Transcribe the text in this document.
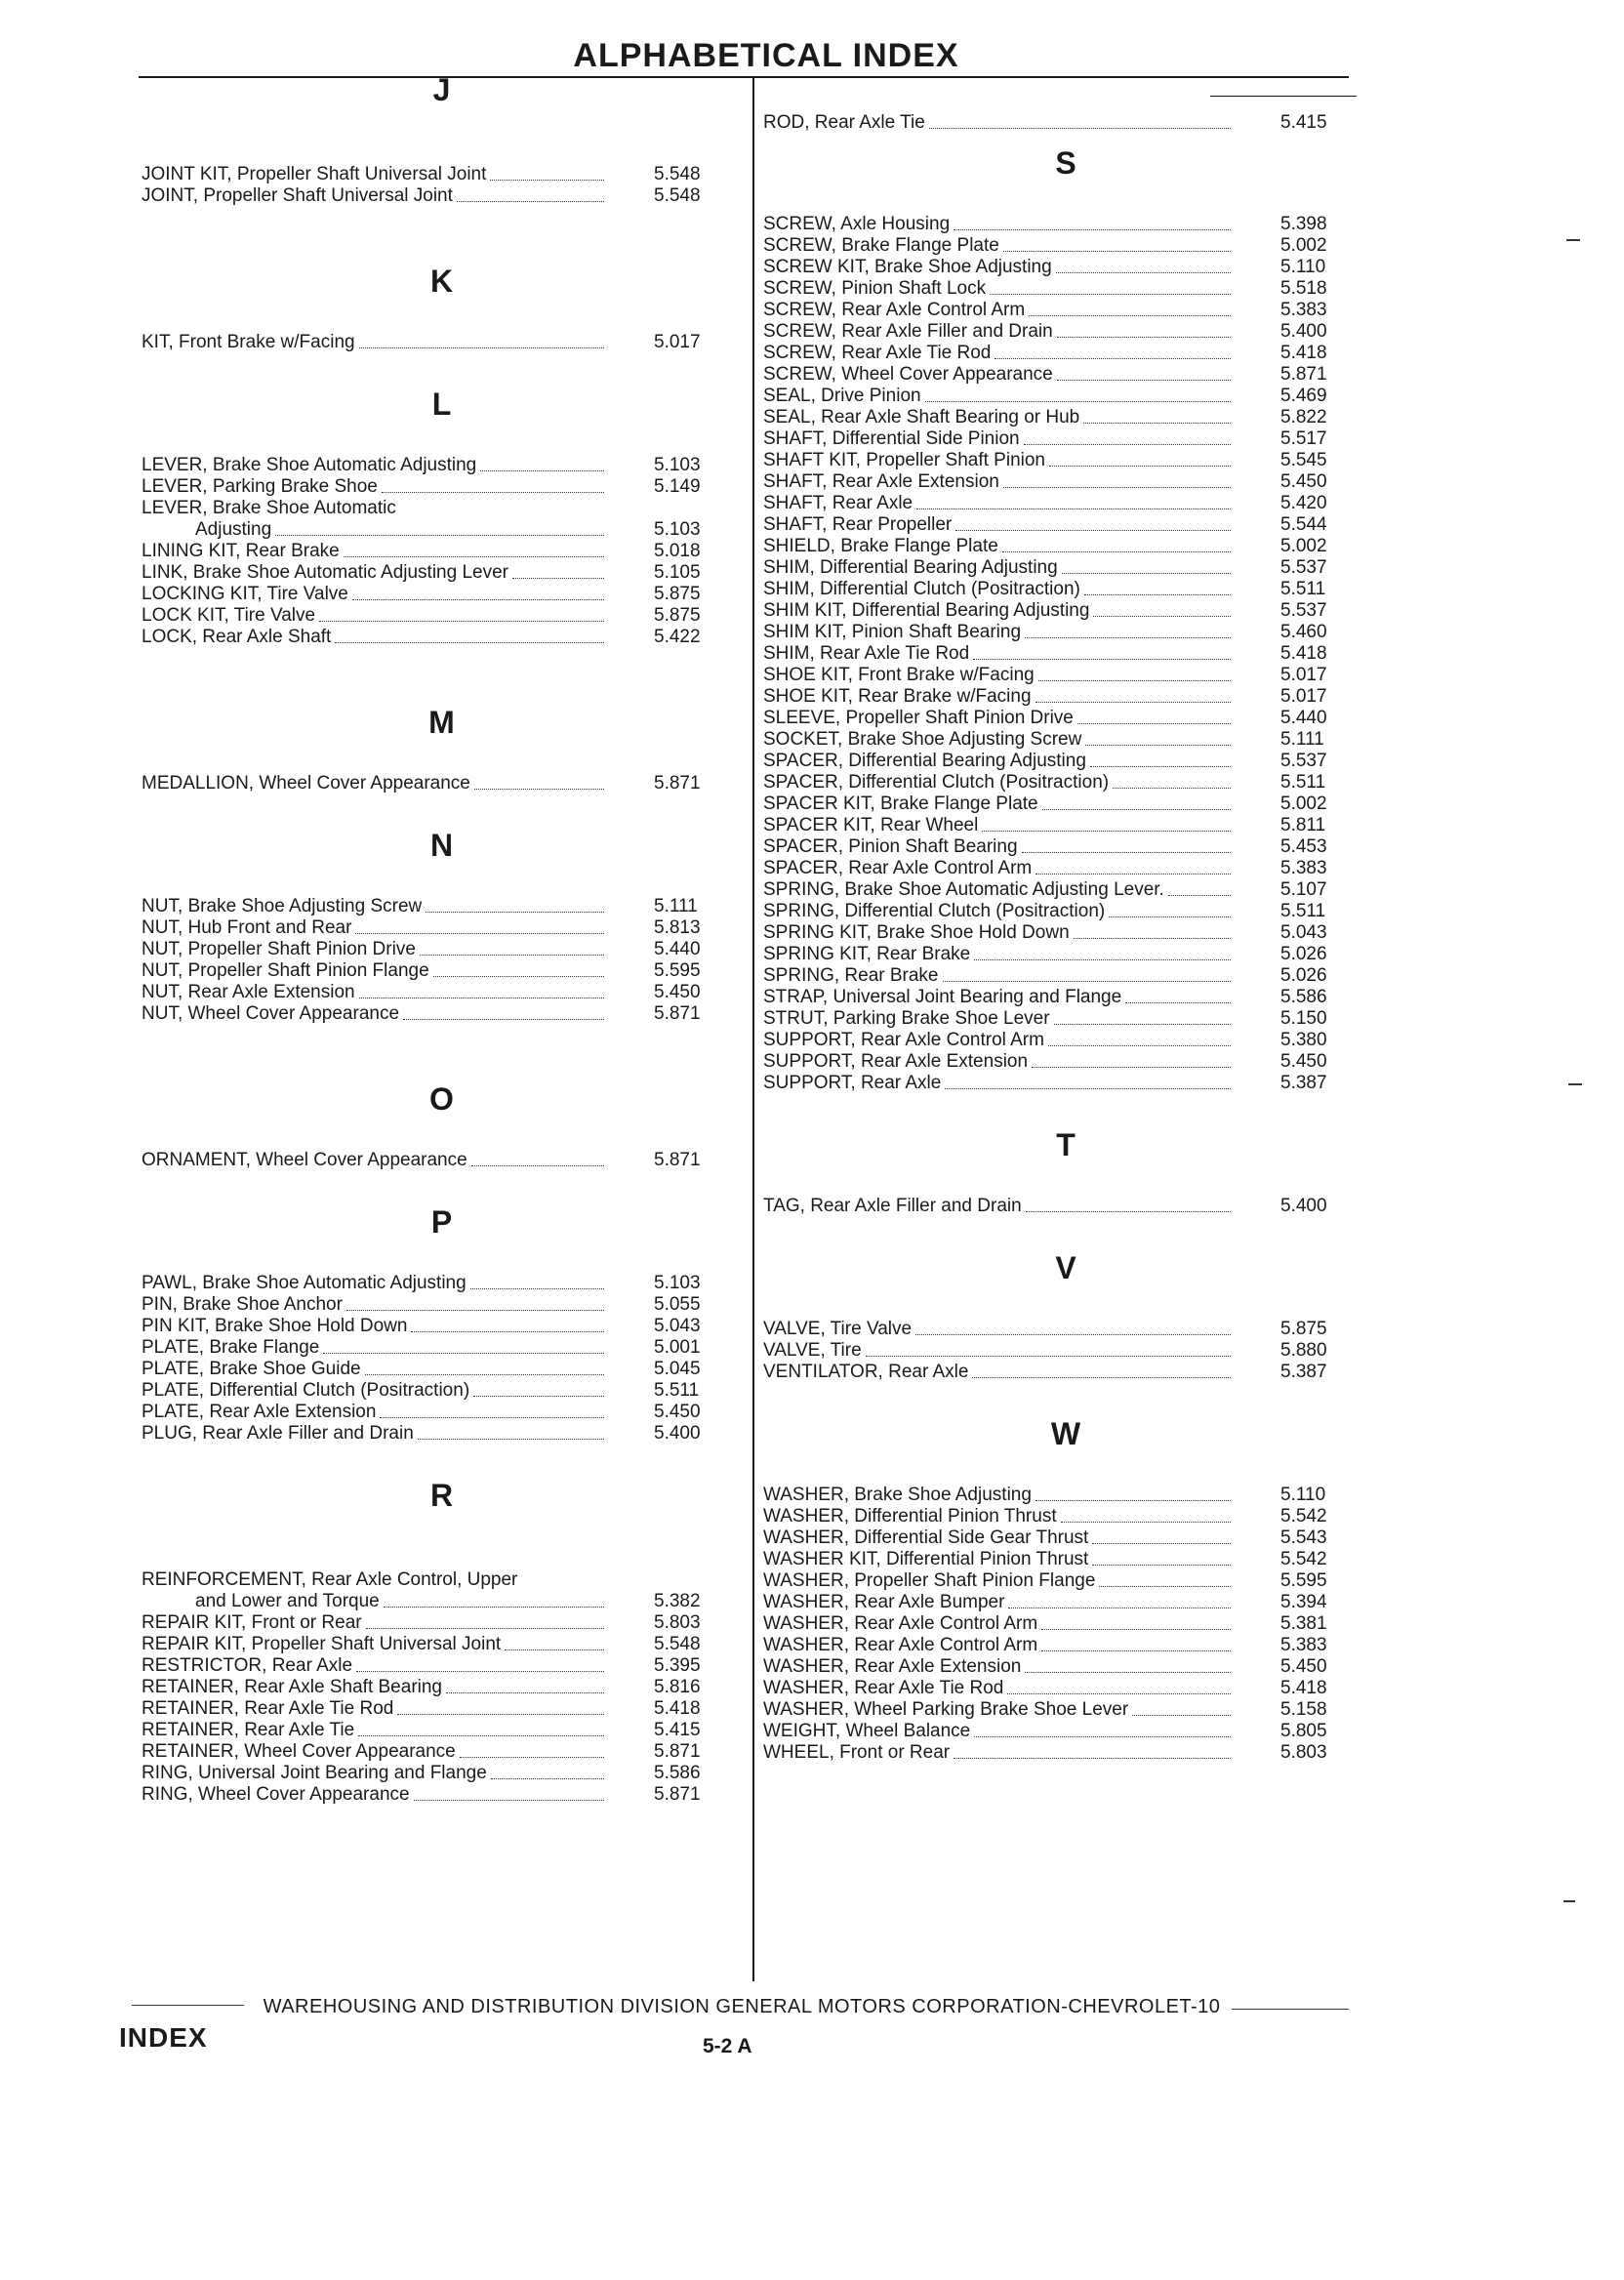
ALPHABETICAL INDEX
J
JOINT KIT, Propeller Shaft Universal Joint	5.548
JOINT, Propeller Shaft Universal Joint	5.548
K
KIT, Front Brake w/Facing	5.017
L
LEVER, Brake Shoe Automatic Adjusting	5.103
LEVER, Parking Brake Shoe	5.149
LEVER, Brake Shoe Automatic
Adjusting	5.103
LINING KIT, Rear Brake	5.018
LINK, Brake Shoe Automatic Adjusting Lever	5.105
LOCKING KIT, Tire Valve	5.875
LOCK KIT, Tire Valve	5.875
LOCK, Rear Axle Shaft	5.422
M
MEDALLION, Wheel Cover Appearance	5.871
N
NUT, Brake Shoe Adjusting Screw	5.111
NUT, Hub Front and Rear	5.813
NUT, Propeller Shaft Pinion Drive	5.440
NUT, Propeller Shaft Pinion Flange	5.595
NUT, Rear Axle Extension	5.450
NUT, Wheel Cover Appearance	5.871
O
ORNAMENT, Wheel Cover Appearance	5.871
P
PAWL, Brake Shoe Automatic Adjusting	5.103
PIN, Brake Shoe Anchor	5.055
PIN KIT, Brake Shoe Hold Down	5.043
PLATE, Brake Flange	5.001
PLATE, Brake Shoe Guide	5.045
PLATE, Differential Clutch (Positraction)	5.511
PLATE, Rear Axle Extension	5.450
PLUG, Rear Axle Filler and Drain	5.400
R
REINFORCEMENT, Rear Axle Control, Upper
and Lower and Torque	5.382
REPAIR KIT, Front or Rear	5.803
REPAIR KIT, Propeller Shaft Universal Joint	5.548
RESTRICTOR, Rear Axle	5.395
RETAINER, Rear Axle Shaft Bearing	5.816
RETAINER, Rear Axle Tie Rod	5.418
RETAINER, Rear Axle Tie	5.415
RETAINER, Wheel Cover Appearance	5.871
RING, Universal Joint Bearing and Flange	5.586
RING, Wheel Cover Appearance	5.871
ROD, Rear Axle Tie	5.415
S
SCREW, Axle Housing	5.398
SCREW, Brake Flange Plate	5.002
SCREW KIT, Brake Shoe Adjusting	5.110
SCREW, Pinion Shaft Lock	5.518
SCREW, Rear Axle Control Arm	5.383
SCREW, Rear Axle Filler and Drain	5.400
SCREW, Rear Axle Tie Rod	5.418
SCREW, Wheel Cover Appearance	5.871
SEAL, Drive Pinion	5.469
SEAL, Rear Axle Shaft Bearing or Hub	5.822
SHAFT, Differential Side Pinion	5.517
SHAFT KIT, Propeller Shaft Pinion	5.545
SHAFT, Rear Axle Extension	5.450
SHAFT, Rear Axle	5.420
SHAFT, Rear Propeller	5.544
SHIELD, Brake Flange Plate	5.002
SHIM, Differential Bearing Adjusting	5.537
SHIM, Differential Clutch (Positraction)	5.511
SHIM KIT, Differential Bearing Adjusting	5.537
SHIM KIT, Pinion Shaft Bearing	5.460
SHIM, Rear Axle Tie Rod	5.418
SHOE KIT, Front Brake w/Facing	5.017
SHOE KIT, Rear Brake w/Facing	5.017
SLEEVE, Propeller Shaft Pinion Drive	5.440
SOCKET, Brake Shoe Adjusting Screw	5.111
SPACER, Differential Bearing Adjusting	5.537
SPACER, Differential Clutch (Positraction)	5.511
SPACER KIT, Brake Flange Plate	5.002
SPACER KIT, Rear Wheel	5.811
SPACER, Pinion Shaft Bearing	5.453
SPACER, Rear Axle Control Arm	5.383
SPRING, Brake Shoe Automatic Adjusting Lever.	5.107
SPRING, Differential Clutch (Positraction)	5.511
SPRING KIT, Brake Shoe Hold Down	5.043
SPRING KIT, Rear Brake	5.026
SPRING, Rear Brake	5.026
STRAP, Universal Joint Bearing and Flange	5.586
STRUT, Parking Brake Shoe Lever	5.150
SUPPORT, Rear Axle Control Arm	5.380
SUPPORT, Rear Axle Extension	5.450
SUPPORT, Rear Axle	5.387
T
TAG, Rear Axle Filler and Drain	5.400
V
VALVE, Tire Valve	5.875
VALVE, Tire	5.880
VENTILATOR, Rear Axle	5.387
W
WASHER, Brake Shoe Adjusting	5.110
WASHER, Differential Pinion Thrust	5.542
WASHER, Differential Side Gear Thrust	5.543
WASHER KIT, Differential Pinion Thrust	5.542
WASHER, Propeller Shaft Pinion Flange	5.595
WASHER, Rear Axle Bumper	5.394
WASHER, Rear Axle Control Arm	5.381
WASHER, Rear Axle Control Arm	5.383
WASHER, Rear Axle Extension	5.450
WASHER, Rear Axle Tie Rod	5.418
WASHER, Wheel Parking Brake Shoe Lever	5.158
WEIGHT, Wheel Balance	5.805
WHEEL, Front or Rear	5.803
WAREHOUSING AND DISTRIBUTION DIVISION GENERAL MOTORS CORPORATION-CHEVROLET-10
INDEX	5-2 A
